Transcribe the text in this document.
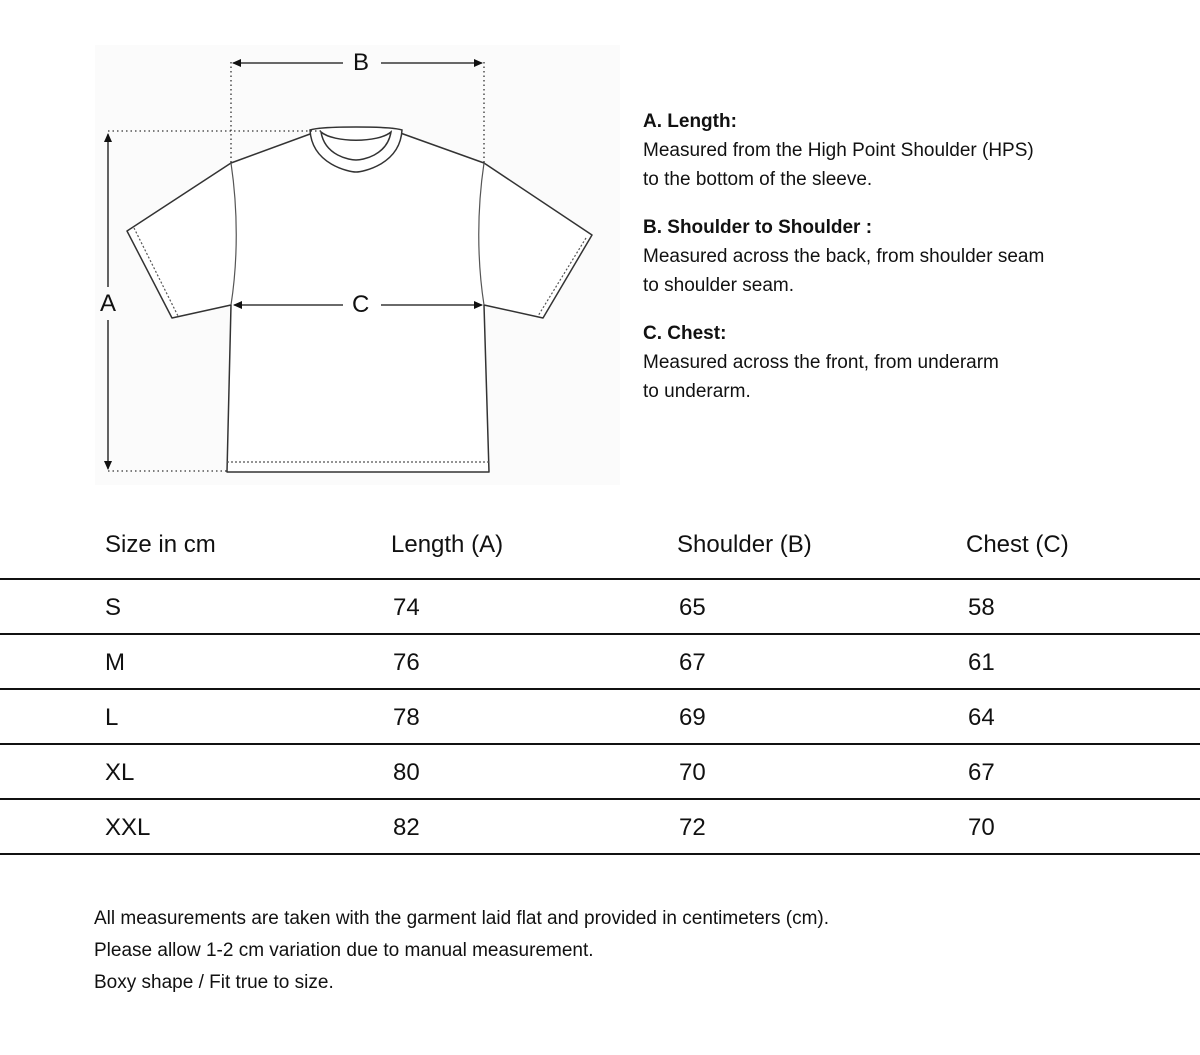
B
C
A
A. Length:
Measured from the High Point Shoulder (HPS)
to the bottom of the sleeve.
B. Shoulder to Shoulder :
Measured across the back, from shoulder seam
to shoulder seam.
C. Chest:
Measured across the front, from underarm
to underarm.
Size in cm	Length (A)	Shoulder (B)	Chest (C)
S	74	65	58
M	76	67	61
L	78	69	64
XL	80	70	67
XXL	82	72	70
All measurements are taken with the garment laid flat and provided in centimeters (cm).
Please allow 1-2 cm variation due to manual measurement.
Boxy shape / Fit true to size.
